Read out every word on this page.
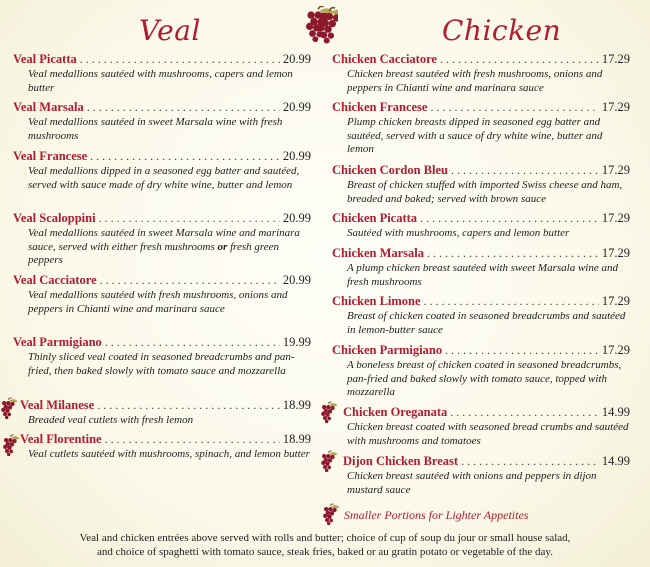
Veal	Chicken
Veal Picatta . . .	20.99
Veal medallions sautéed with mushrooms, capers and lemon butter
Veal Marsala . . .	20.99
Veal medallions sautéed in sweet Marsala wine with fresh mushrooms
Veal Francese . . .	20.99
Veal medallions dipped in a seasoned egg batter and sautéed, served with sauce made of dry white wine, butter and lemon
Veal Scaloppini . . .	20.99
Veal medallions sautéed in sweet Marsala wine and marinara sauce, served with either fresh mushrooms or fresh green peppers
Veal Cacciatore . . .	20.99
Veal medallions sautéed with fresh mushrooms, onions and peppers in Chianti wine and marinara sauce
Veal Parmigiano . . .	19.99
Thinly sliced veal coated in seasoned breadcrumbs and pan-fried, then baked slowly with tomato sauce and mozzarella
Veal Milanese . . .	18.99
Breaded veal cutlets with fresh lemon
Veal Florentine . . .	18.99
Veal cutlets sautéed with mushrooms, spinach, and lemon butter
Chicken Cacciatore . . .	17.29
Chicken breast sautéed with fresh mushrooms, onions and peppers in Chianti wine and marinara sauce
Chicken Francese . . .	17.29
Plump chicken breasts dipped in seasoned egg batter and sautéed, served with a sauce of dry white wine, butter and lemon
Chicken Cordon Bleu . . .	17.29
Breast of chicken stuffed with imported Swiss cheese and ham, breaded and baked; served with brown sauce
Chicken Picatta . . .	17.29
Sautéed with mushrooms, capers and lemon butter
Chicken Marsala . . .	17.29
A plump chicken breast sautéed with sweet Marsala wine and fresh mushrooms
Chicken Limone . . .	17.29
Breast of chicken coated in seasoned breadcrumbs and sautéed in lemon-butter sauce
Chicken Parmigiano . . .	17.29
A boneless breast of chicken coated in seasoned breadcrumbs, pan-fried and baked slowly with tomato sauce, topped with mozzarella
Chicken Oreganata . . .	14.99
Chicken breast coated with seasoned bread crumbs and sautéed with mushrooms and tomatoes
Dijon Chicken Breast . . .	14.99
Chicken breast sautéed with onions and peppers in dijon mustard sauce
Smaller Portions for Lighter Appetites
Veal and chicken entrées above served with rolls and butter; choice of cup of soup du jour or small house salad,
and choice of spaghetti with tomato sauce, steak fries, baked or au gratin potato or vegetable of the day.
